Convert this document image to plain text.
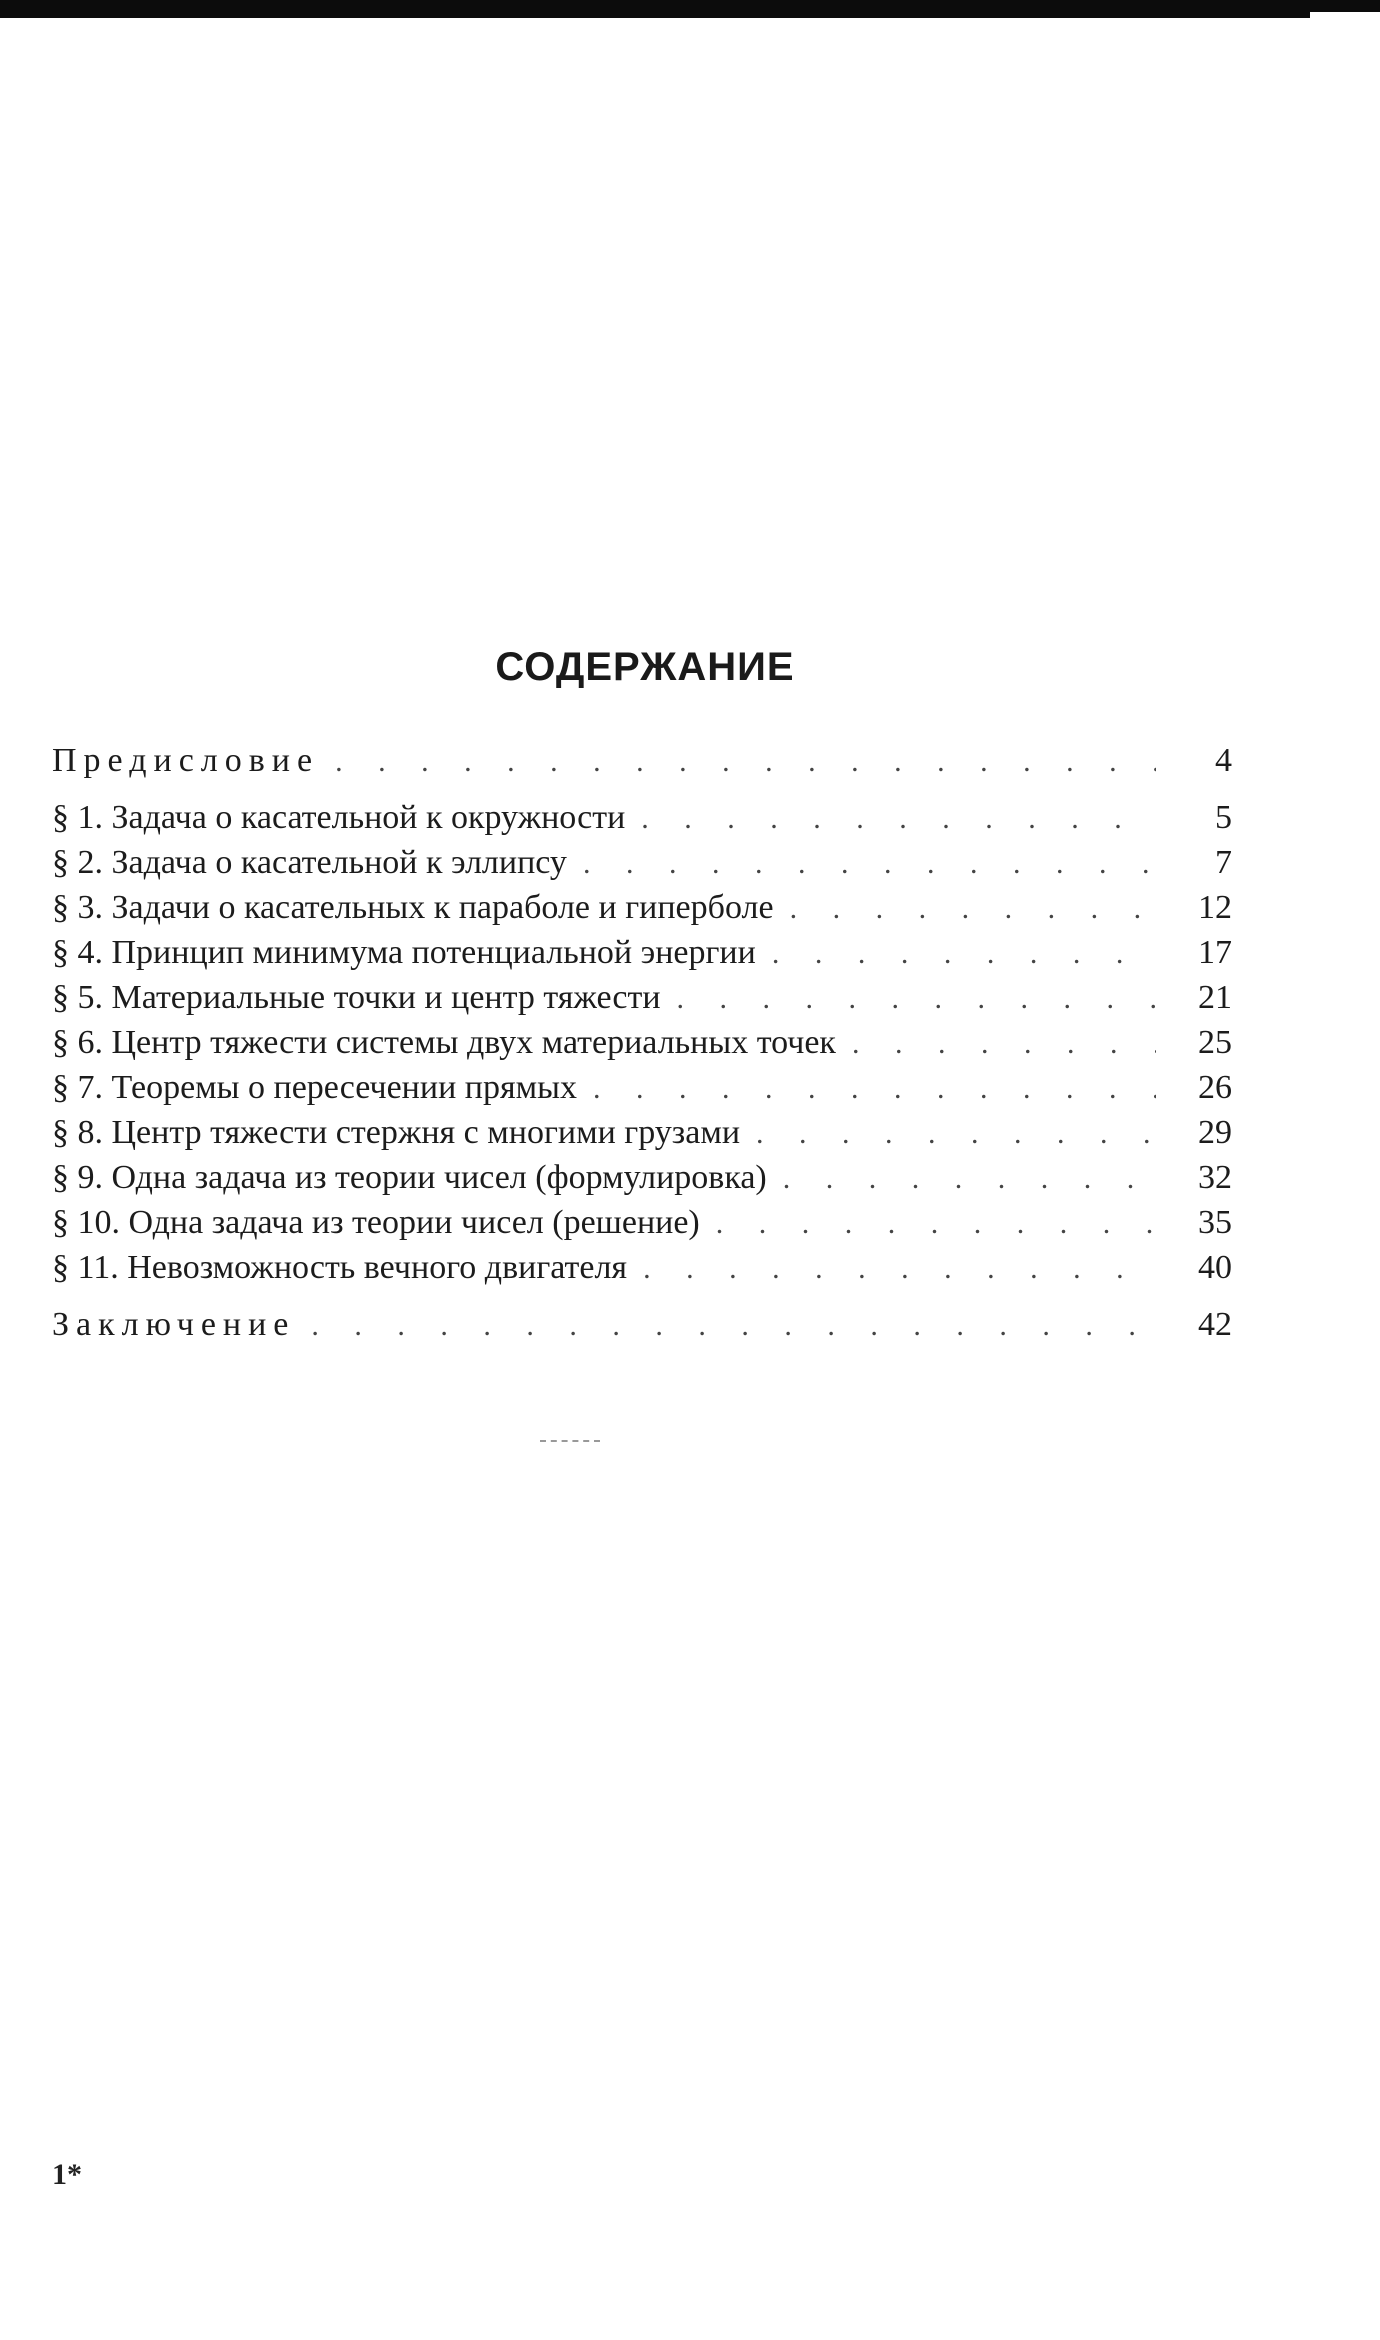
СОДЕРЖАНИЕ
Предисловие . . .	4
§ 1. Задача о касательной к окружности . . .	5
§ 2. Задача о касательной к эллипсу . . .	7
§ 3. Задачи о касательных к параболе и гиперболе . . .	12
§ 4. Принцип минимума потенциальной энергии . . .	17
§ 5. Материальные точки и центр тяжести . . .	21
§ 6. Центр тяжести системы двух материальных точек . . .	25
§ 7. Теоремы о пересечении прямых . . .	26
§ 8. Центр тяжести стержня с многими грузами . . .	29
§ 9. Одна задача из теории чисел (формулировка) . . .	32
§ 10. Одна задача из теории чисел (решение) . . .	35
§ 11. Невозможность вечного двигателя . . .	40
Заключение . . .	42
1*
